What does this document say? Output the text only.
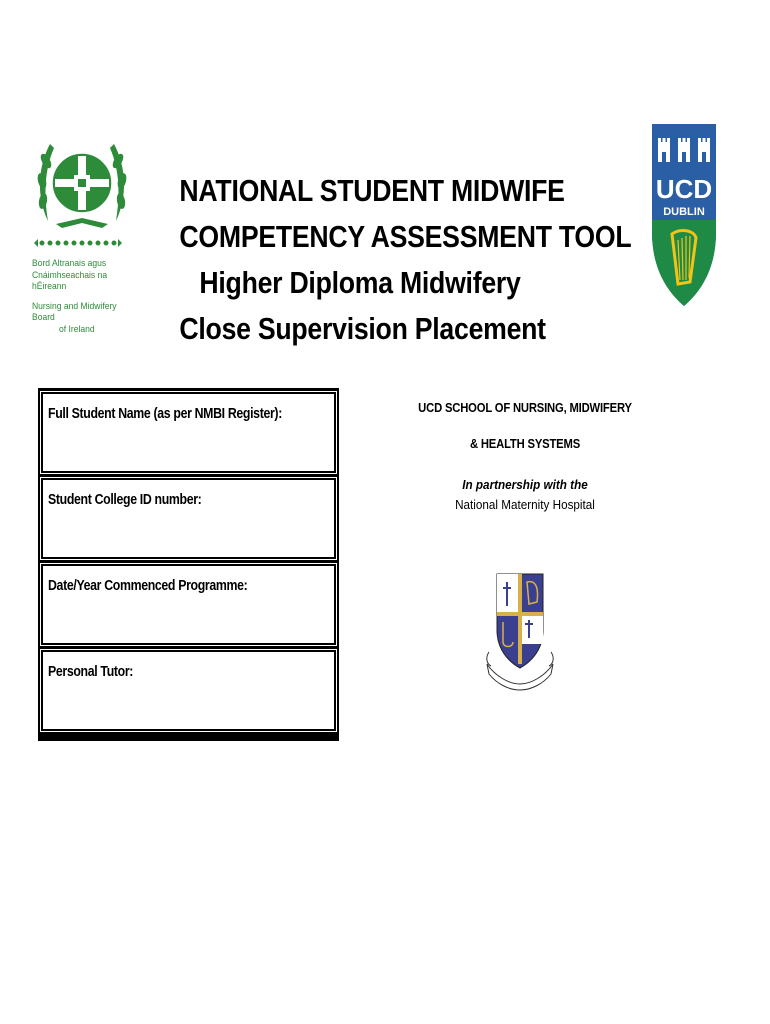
Bord Altranais agus
Cnáimhseachais na hÉireann
Nursing and Midwifery Board
of Ireland
NATIONAL STUDENT MIDWIFE
COMPETENCY ASSESSMENT TOOL
Higher Diploma Midwifery
Close Supervision Placement
UCD
DUBLIN
Full Student Name (as per NMBI Register):
Student College ID number:
Date/Year Commenced Programme:
Personal Tutor:
UCD SCHOOL OF NURSING, MIDWIFERY
& HEALTH SYSTEMS
In partnership with the
National Maternity Hospital
